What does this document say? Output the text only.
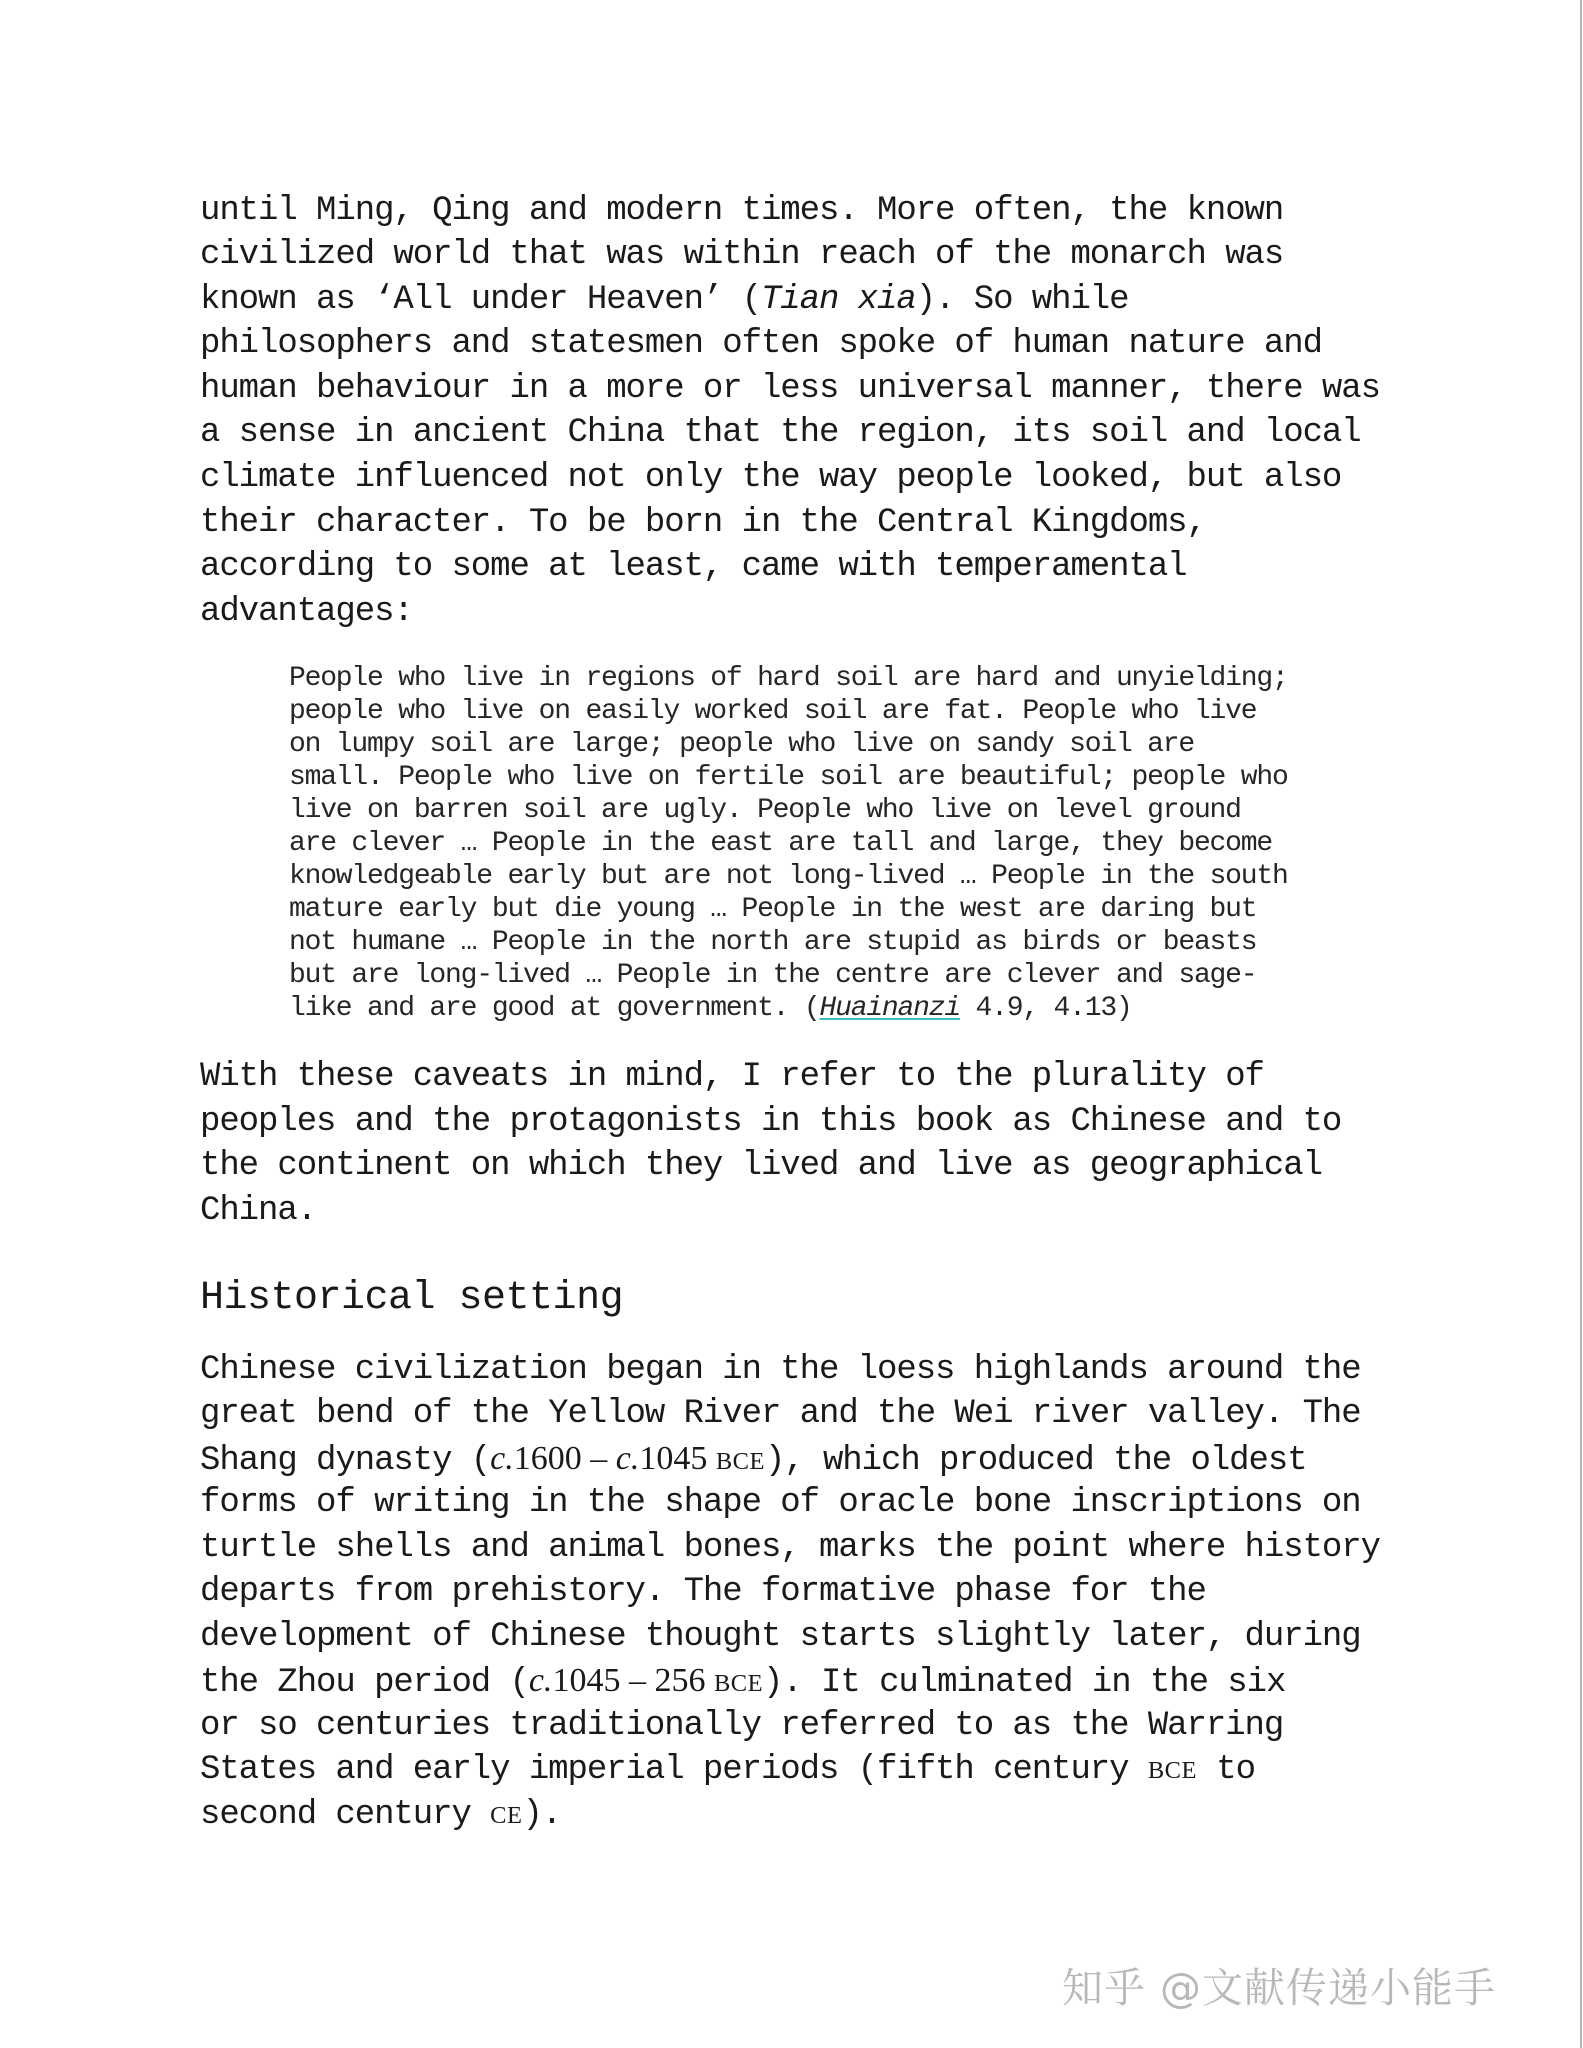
until Ming, Qing and modern times. More often, the known
civilized world that was within reach of the monarch was
known as ‘All under Heaven’ (Tian xia). So while
philosophers and statesmen often spoke of human nature and
human behaviour in a more or less universal manner, there was
a sense in ancient China that the region, its soil and local
climate influenced not only the way people looked, but also
their character. To be born in the Central Kingdoms,
according to some at least, came with temperamental
advantages:
People who live in regions of hard soil are hard and unyielding;
people who live on easily worked soil are fat. People who live
on lumpy soil are large; people who live on sandy soil are
small. People who live on fertile soil are beautiful; people who
live on barren soil are ugly. People who live on level ground
are clever … People in the east are tall and large, they become
knowledgeable early but are not long-lived … People in the south
mature early but die young … People in the west are daring but
not humane … People in the north are stupid as birds or beasts
but are long-lived … People in the centre are clever and sage-
like and are good at government. (Huainanzi 4.9, 4.13)
With these caveats in mind, I refer to the plurality of
peoples and the protagonists in this book as Chinese and to
the continent on which they lived and live as geographical
China.
Historical setting
Chinese civilization began in the loess highlands around the
great bend of the Yellow River and the Wei river valley. The
Shang dynasty (c.1600 – c.1045 BCE), which produced the oldest
forms of writing in the shape of oracle bone inscriptions on
turtle shells and animal bones, marks the point where history
departs from prehistory. The formative phase for the
development of Chinese thought starts slightly later, during
the Zhou period (c.1045 – 256 BCE). It culminated in the six
or so centuries traditionally referred to as the Warring
States and early imperial periods (fifth century BCE to
second century CE).
知乎 @文献传递小能手
